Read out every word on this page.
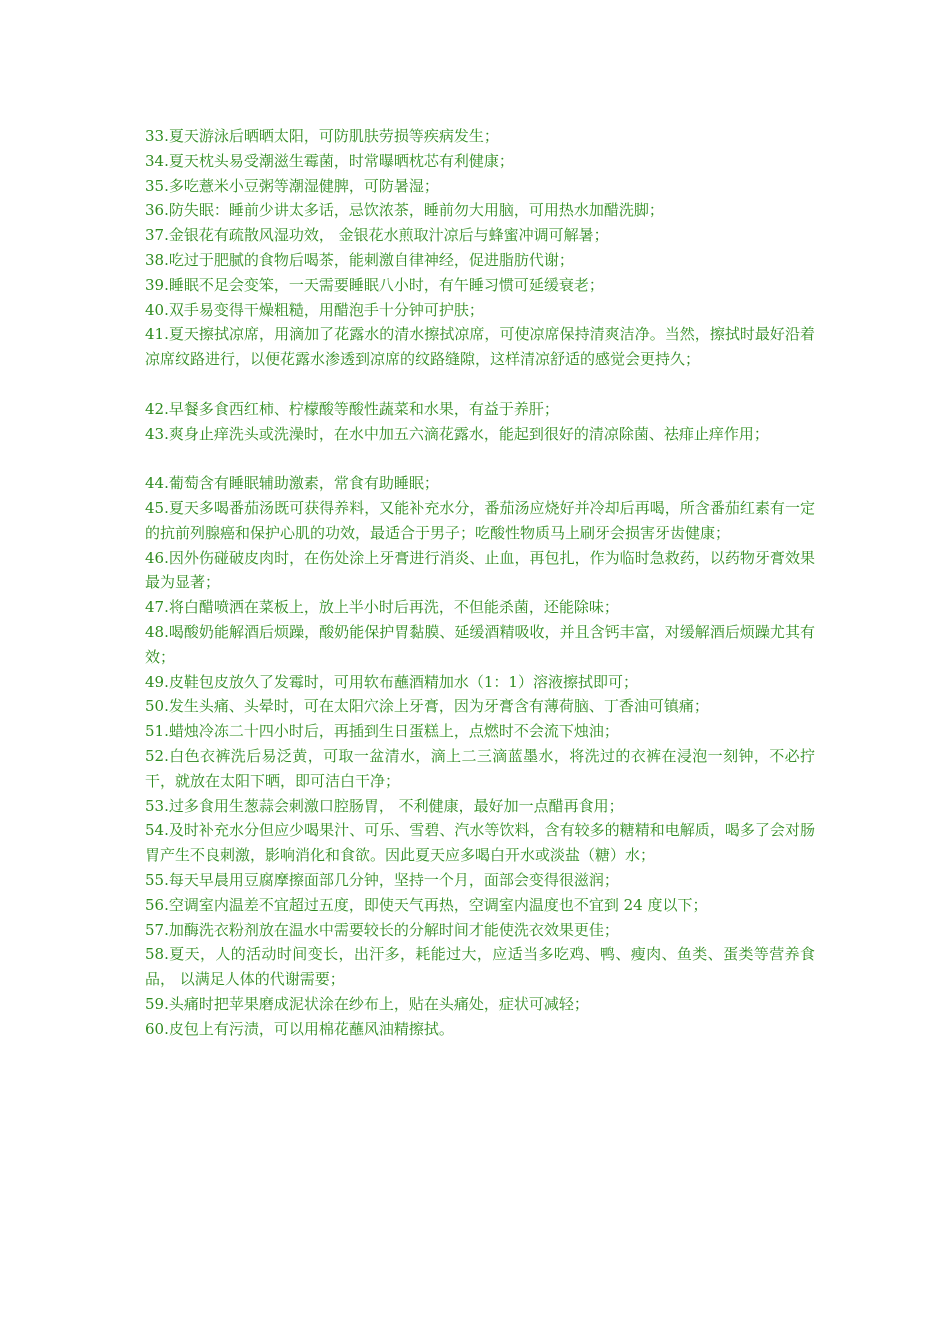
33.夏天游泳后晒晒太阳，可防肌肤劳损等疾病发生；

34.夏天枕头易受潮滋生霉菌，时常曝晒枕芯有利健康；

35.多吃薏米小豆粥等潮湿健脾，可防暑湿；

36.防失眠：睡前少讲太多话，忌饮浓茶，睡前勿大用脑，可用热水加醋洗脚；

37.金银花有疏散风湿功效， 金银花水煎取汁凉后与蜂蜜冲调可解暑；

38.吃过于肥腻的食物后喝茶，能刺激自律神经，促进脂肪代谢；

39.睡眠不足会变笨，一天需要睡眠八小时，有午睡习惯可延缓衰老；

40.双手易变得干燥粗糙，用醋泡手十分钟可护肤；

41.夏天擦拭凉席，用滴加了花露水的清水擦拭凉席，可使凉席保持清爽洁净。当然，擦拭时最好沿着凉席纹路进行，以便花露水渗透到凉席的纹路缝隙，这样清凉舒适的感觉会更持久；

42.早餐多食西红柿、柠檬酸等酸性蔬菜和水果，有益于养肝；

43.爽身止痒洗头或洗澡时，在水中加五六滴花露水，能起到很好的清凉除菌、祛痱止痒作用；

44.葡萄含有睡眠辅助激素，常食有助睡眠；

45.夏天多喝番茄汤既可获得养料，又能补充水分，番茄汤应烧好并冷却后再喝，所含番茄红素有一定的抗前列腺癌和保护心肌的功效，最适合于男子；吃酸性物质马上刷牙会损害牙齿健康；

46.因外伤碰破皮肉时，在伤处涂上牙膏进行消炎、止血，再包扎，作为临时急救药，以药物牙膏效果最为显著；

47.将白醋喷洒在菜板上，放上半小时后再洗，不但能杀菌，还能除味；

48.喝酸奶能解酒后烦躁，酸奶能保护胃黏膜、延缓酒精吸收，并且含钙丰富，对缓解酒后烦躁尤其有效；

49.皮鞋包皮放久了发霉时，可用软布蘸酒精加水（1：1）溶液擦拭即可；

50.发生头痛、头晕时，可在太阳穴涂上牙膏，因为牙膏含有薄荷脑、丁香油可镇痛；

51.蜡烛冷冻二十四小时后，再插到生日蛋糕上，点燃时不会流下烛油；

52.白色衣裤洗后易泛黄，可取一盆清水，滴上二三滴蓝墨水，将洗过的衣裤在浸泡一刻钟，不必拧干，就放在太阳下晒，即可洁白干净；

53.过多食用生葱蒜会刺激口腔肠胃， 不利健康，最好加一点醋再食用；

54.及时补充水分但应少喝果汁、可乐、雪碧、汽水等饮料，含有较多的糖精和电解质，喝多了会对肠胃产生不良刺激，影响消化和食欲。因此夏天应多喝白开水或淡盐（糖）水；

55.每天早晨用豆腐摩擦面部几分钟，坚持一个月，面部会变得很滋润；

56.空调室内温差不宜超过五度，即使天气再热，空调室内温度也不宜到 24 度以下；

57.加酶洗衣粉剂放在温水中需要较长的分解时间才能使洗衣效果更佳；

58.夏天，人的活动时间变长，出汗多，耗能过大，应适当多吃鸡、鸭、瘦肉、鱼类、蛋类等营养食品， 以满足人体的代谢需要；

59.头痛时把苹果磨成泥状涂在纱布上，贴在头痛处，症状可减轻；

60.皮包上有污渍，可以用棉花蘸风油精擦拭。
